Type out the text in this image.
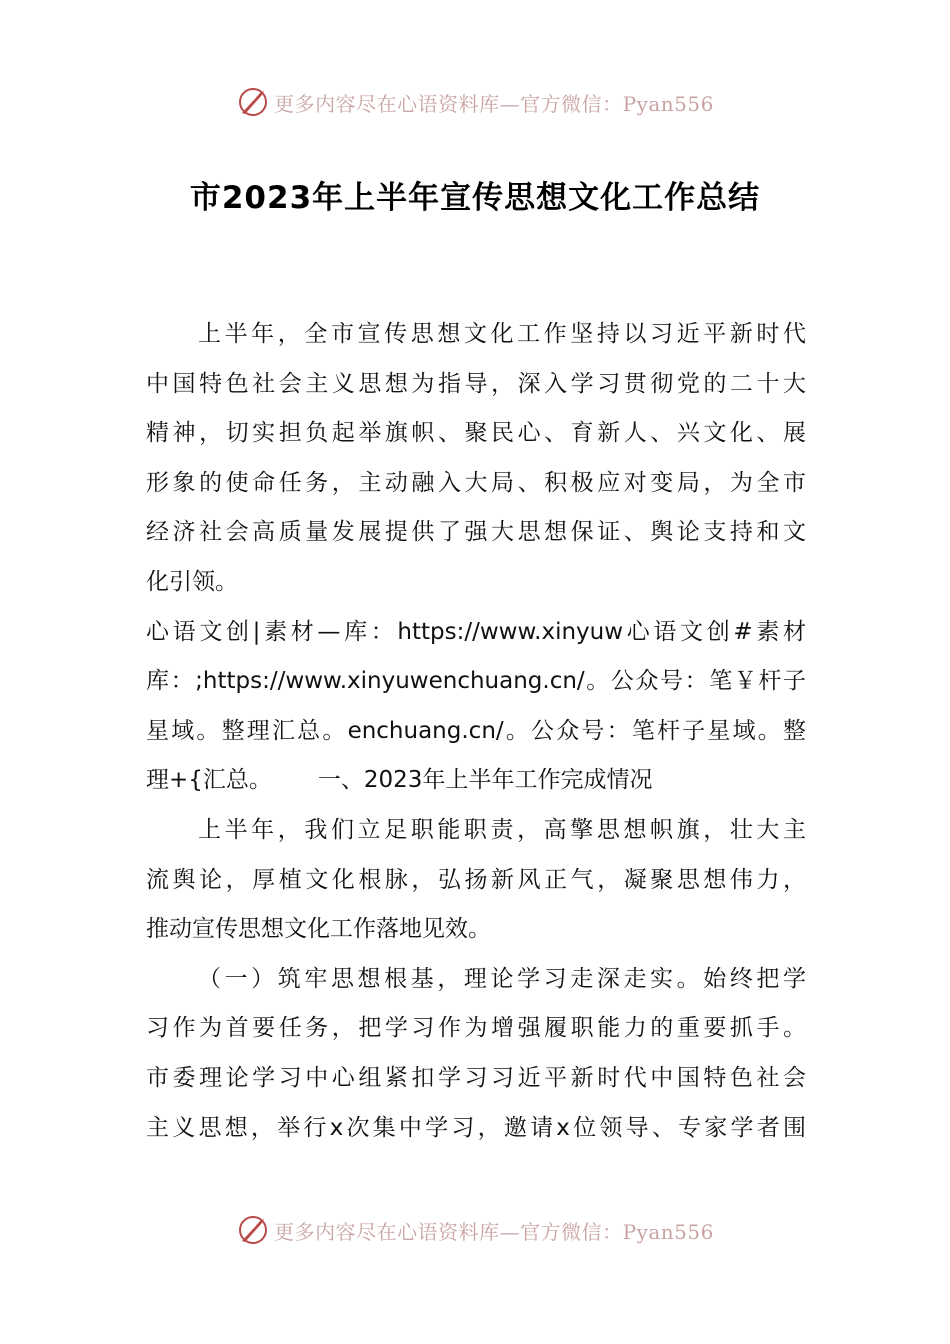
更多内容尽在心语资料库—官方微信：Pyan556
市2023年上半年宣传思想文化工作总结
上半年，全市宣传思想文化工作坚持以习近平新时代
中国特色社会主义思想为指导，深入学习贯彻党的二十大
精神，切实担负起举旗帜、聚民心、育新人、兴文化、展
形象的使命任务，主动融入大局、积极应对变局，为全市
经济社会高质量发展提供了强大思想保证、舆论支持和文
化引领。
心语文创|素材—库：https://www.xinyuw心语文创#素材
库：;https://www.xinyuwenchuang.cn/。公众号：笔￥杆子
星域。整理汇总。enchuang.cn/。公众号：笔杆子星域。整
理+{汇总。 一、2023年上半年工作完成情况
上半年，我们立足职能职责，高擎思想帜旗，壮大主
流舆论，厚植文化根脉，弘扬新风正气，凝聚思想伟力，
推动宣传思想文化工作落地见效。
（一）筑牢思想根基，理论学习走深走实。始终把学
习作为首要任务，把学习作为增强履职能力的重要抓手。
市委理论学习中心组紧扣学习习近平新时代中国特色社会
主义思想，举行x次集中学习，邀请x位领导、专家学者围
更多内容尽在心语资料库—官方微信：Pyan556
